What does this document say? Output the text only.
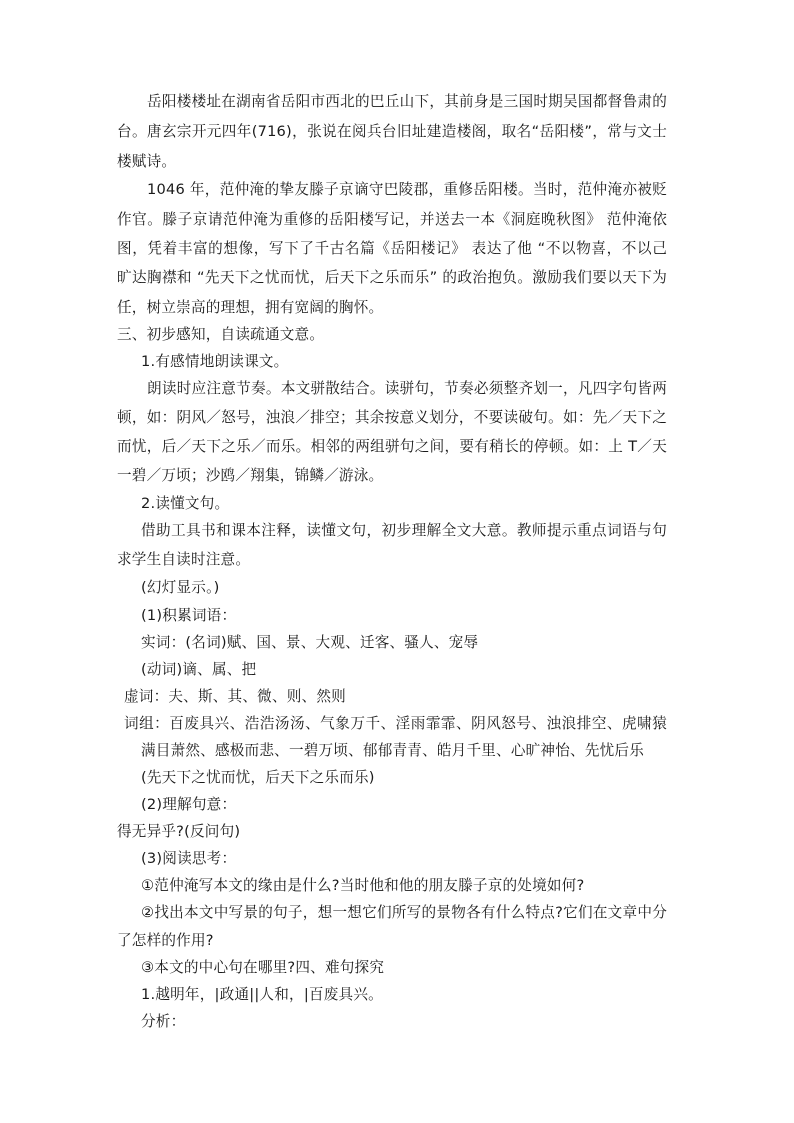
岳阳楼楼址在湖南省岳阳市西北的巴丘山下，其前身是三国时期吴国都督鲁肃的
台。唐玄宗开元四年(716)，张说在阅兵台旧址建造楼阁，取名“岳阳楼”，常与文士
楼赋诗。
1046 年，范仲淹的挚友滕子京谪守巴陵郡，重修岳阳楼。当时，范仲淹亦被贬
作官。滕子京请范仲淹为重修的岳阳楼写记，并送去一本《洞庭晚秋图》 范仲淹依
图，凭着丰富的想像，写下了千古名篇《岳阳楼记》 表达了他 “不以物喜，不以己
旷达胸襟和 “先天下之忧而忧，后天下之乐而乐” 的政治抱负。激励我们要以天下为
任，树立崇高的理想，拥有宽阔的胸怀。
三、初步感知，自读疏通文意。
1.有感情地朗读课文。
朗读时应注意节奏。本文骈散结合。读骈句，节奏必须整齐划一，凡四字句皆两
顿，如：阴风／怒号，浊浪／排空；其余按意义划分，不要读破句。如：先／天下之
而忧，后／天下之乐／而乐。相邻的两组骈句之间，要有稍长的停顿。如：上 T／天
一碧／万顷；沙鸥／翔集，锦鳞／游泳。
2.读懂文句。
借助工具书和课本注释，读懂文句，初步理解全文大意。教师提示重点词语与句
求学生自读时注意。
(幻灯显示。)
(1)积累词语：
实词：(名词)赋、国、景、大观、迁客、骚人、宠辱
(动词)谪、属、把
虚词：夫、斯、其、微、则、然则
词组：百废具兴、浩浩汤汤、气象万千、淫雨霏霏、阴风怒号、浊浪排空、虎啸猿
满目萧然、感极而悲、一碧万顷、郁郁青青、皓月千里、心旷神怡、先忧后乐
(先天下之忧而忧，后天下之乐而乐)
(2)理解句意：
得无异乎?(反问句)
(3)阅读思考：
①范仲淹写本文的缘由是什么?当时他和他的朋友滕子京的处境如何?
②找出本文中写景的句子，想一想它们所写的景物各有什么特点?它们在文章中分
了怎样的作用?
③本文的中心句在哪里?四、难句探究
1.越明年，|政通||人和，|百废具兴。
分析：
